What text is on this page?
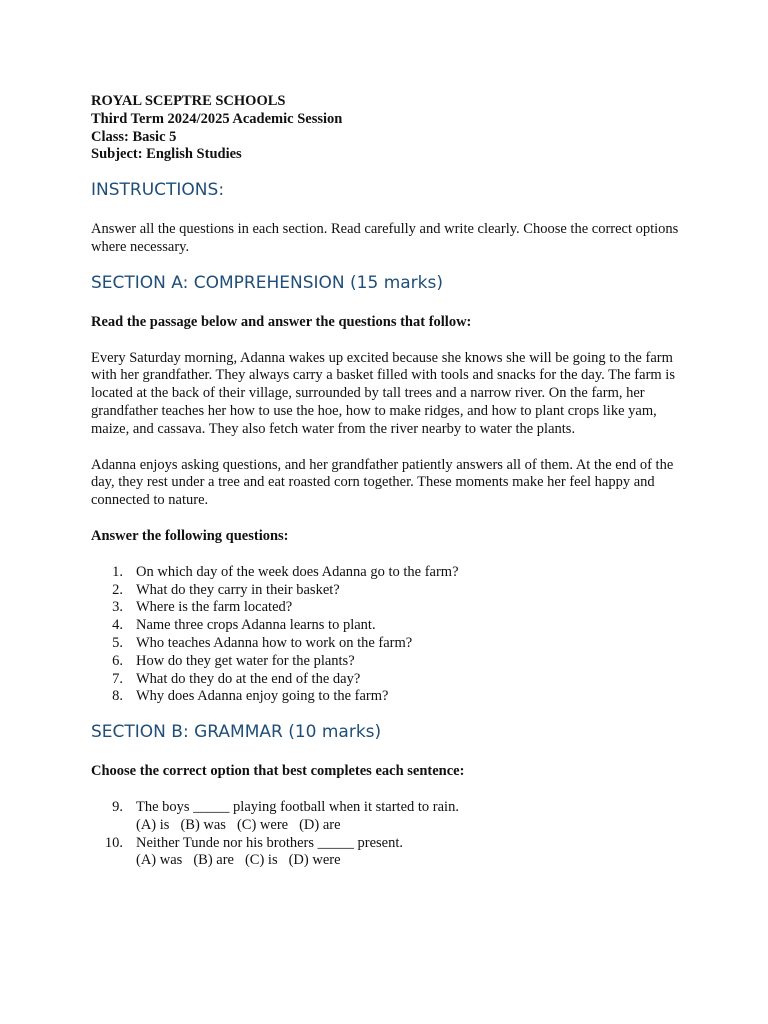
ROYAL SCEPTRE SCHOOLS

Third Term 2024/2025 Academic Session

Class: Basic 5

Subject: English Studies

INSTRUCTIONS:

Answer all the questions in each section. Read carefully and write clearly. Choose the correct options where necessary.

SECTION A: COMPREHENSION (15 marks)

Read the passage below and answer the questions that follow:

Every Saturday morning, Adanna wakes up excited because she knows she will be going to the farm with her grandfather. They always carry a basket filled with tools and snacks for the day. The farm is located at the back of their village, surrounded by tall trees and a narrow river. On the farm, her grandfather teaches her how to use the hoe, how to make ridges, and how to plant crops like yam, maize, and cassava. They also fetch water from the river nearby to water the plants.

Adanna enjoys asking questions, and her grandfather patiently answers all of them. At the end of the day, they rest under a tree and eat roasted corn together. These moments make her feel happy and connected to nature.

Answer the following questions:

1. On which day of the week does Adanna go to the farm?
2. What do they carry in their basket?
3. Where is the farm located?
4. Name three crops Adanna learns to plant.
5. Who teaches Adanna how to work on the farm?
6. How do they get water for the plants?
7. What do they do at the end of the day?
8. Why does Adanna enjoy going to the farm?
SECTION B: GRAMMAR (10 marks)

Choose the correct option that best completes each sentence:

9. The boys _____ playing football when it started to rain.
(A) is (B) was (C) were (D) are
10. Neither Tunde nor his brothers _____ present.
(A) was (B) are (C) is (D) were
